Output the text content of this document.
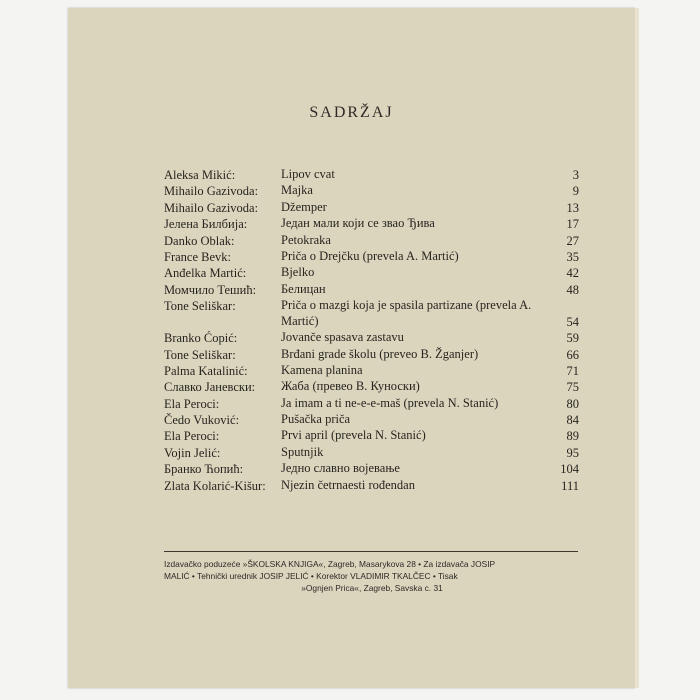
SADRŽAJ
Aleksa Mikić:	Lipov cvat	3
Mihailo Gazivoda: Majka	9
Mihailo Gazivoda: Džemper	13
Јелена Билбија:	Један мали који се звао Ђива	17
Danko Oblak:	Petokraka	27
France Bevk:	Priča o Drejčku (prevela A. Martić)	35
Anđelka Martić:	Bjelko	42
Момчило Тешић: Белицан	48
Tone Seliškar:	Priča o mazgi koja je spasila partizane (prevela A. Martić)	54
Branko Ćopić:	Jovanče spasava zastavu	59
Tone Seliškar:	Brđani grade školu (preveo B. Žganjer)	66
Palma Katalinić:	Kamena planina	71
Славко Јаневски: Жаба (превео В. Куноски)	75
Ela Peroci:	Ja imam a ti ne-e-e-maš (prevela N. Stanić)	80
Čedo Vuković:	Pušačka priča	84
Ela Peroci:	Prvi april (prevela N. Stanić)	89
Vojin Jelić:	Sputnjik	95
Бранко Ћопић:	Једно славно војевање	104
Zlata Kolarić-Kišur: Njezin četrnaesti rođendan	111
Izdavačko poduzeće »ŠKOLSKA KNJIGA«, Zagreb, Masarykova 28 • Za izdavača JOSIP
MALIĆ • Tehnički urednik JOSIP JELIĆ • Korektor VLADIMIR TKALČEC • Tisak

»Ognjen Prica«, Zagreb, Savska c. 31
